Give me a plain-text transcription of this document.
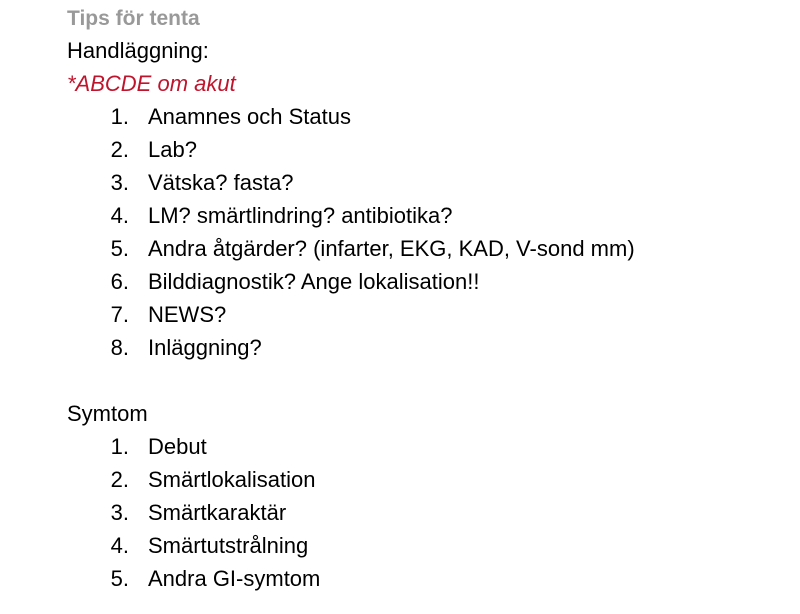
Tips för tenta
Handläggning:
*ABCDE om akut
1. Anamnes och Status
2. Lab?
3. Vätska? fasta?
4. LM? smärtlindring? antibiotika?
5. Andra åtgärder? (infarter, EKG, KAD, V-sond mm)
6. Bilddiagnostik? Ange lokalisation!!
7. NEWS?
8. Inläggning?
Symtom
1. Debut
2. Smärtlokalisation
3. Smärtkaraktär
4. Smärtutstrålning
5. Andra GI-symtom
